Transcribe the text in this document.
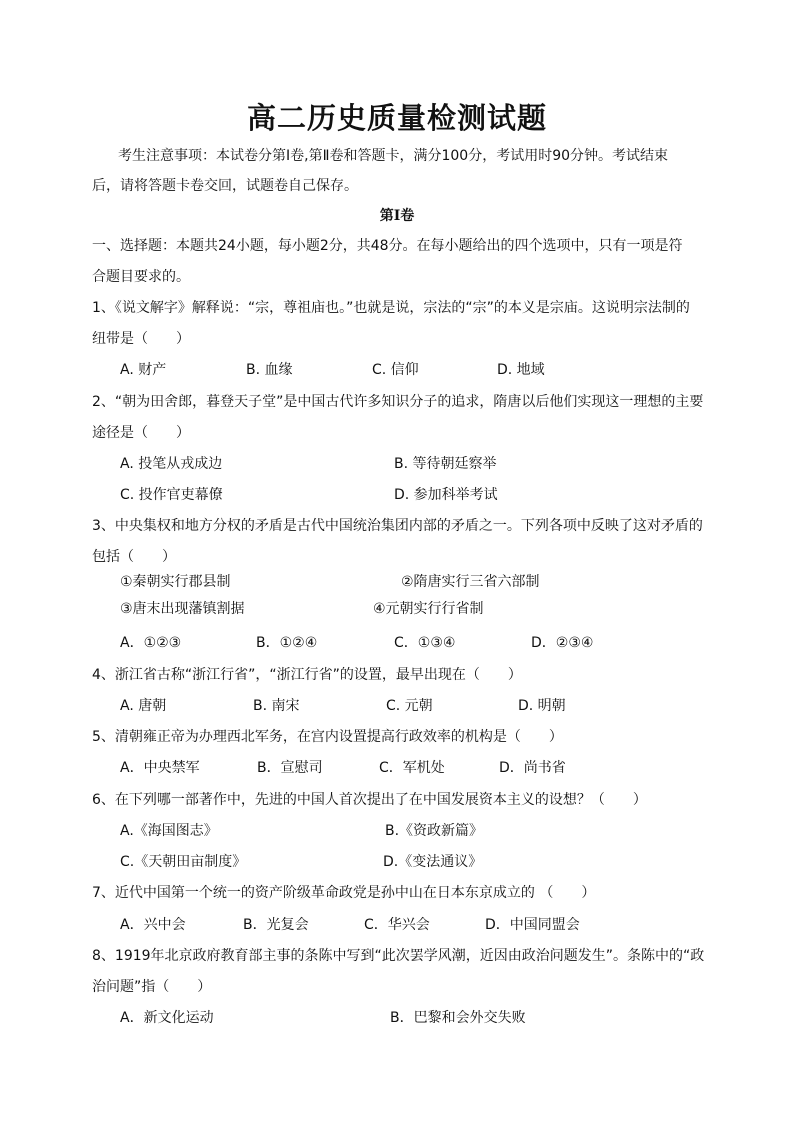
高二历史质量检测试题
考生注意事项：本试卷分第Ⅰ卷,第Ⅱ卷和答题卡，满分100分，考试用时90分钟。考试结束
后，请将答题卡卷交回，试题卷自己保存。
第Ⅰ卷
一、选择题：本题共24小题，每小题2分，共48分。在每小题给出的四个选项中，只有一项是符
合题目要求的。
1、《说文解字》解释说：“宗，尊祖庙也。”也就是说，宗法的“宗”的本义是宗庙。这说明宗法制的
纽带是（　　）
A. 财产	B. 血缘	C. 信仰	D. 地域
2、“朝为田舍郎，暮登天子堂”是中国古代许多知识分子的追求，隋唐以后他们实现这一理想的主要
途径是（　　）
A. 投笔从戎成边	B. 等待朝廷察举
C. 投作官吏幕僚	D. 参加科举考试
3、中央集权和地方分权的矛盾是古代中国统治集团内部的矛盾之一。下列各项中反映了这对矛盾的
包括（　　）
①秦朝实行郡县制	②隋唐实行三省六部制
③唐末出现藩镇割据	④元朝实行行省制
A．①②③	B．①②④	C．①③④	D．②③④
4、浙江省古称“浙江行省”，“浙江行省”的设置，最早出现在（　　）
A. 唐朝	B. 南宋	C. 元朝	D. 明朝
5、清朝雍正帝为办理西北军务，在宫内设置提高行政效率的机构是（　　）
A．中央禁军	B．宣慰司	C．军机处	D．尚书省
6、在下列哪一部著作中，先进的中国人首次提出了在中国发展资本主义的设想？（　　）
A.《海国图志》	B.《资政新篇》
C.《天朝田亩制度》	D.《变法通议》
7、近代中国第一个统一的资产阶级革命政党是孙中山在日本东京成立的 （　　）
A．兴中会	B．光复会	C．华兴会	D．中国同盟会
8、1919年北京政府教育部主事的条陈中写到“此次罢学风潮，近因由政治问题发生”。条陈中的“政
治问题”指（　　）
A．新文化运动	B．巴黎和会外交失败
